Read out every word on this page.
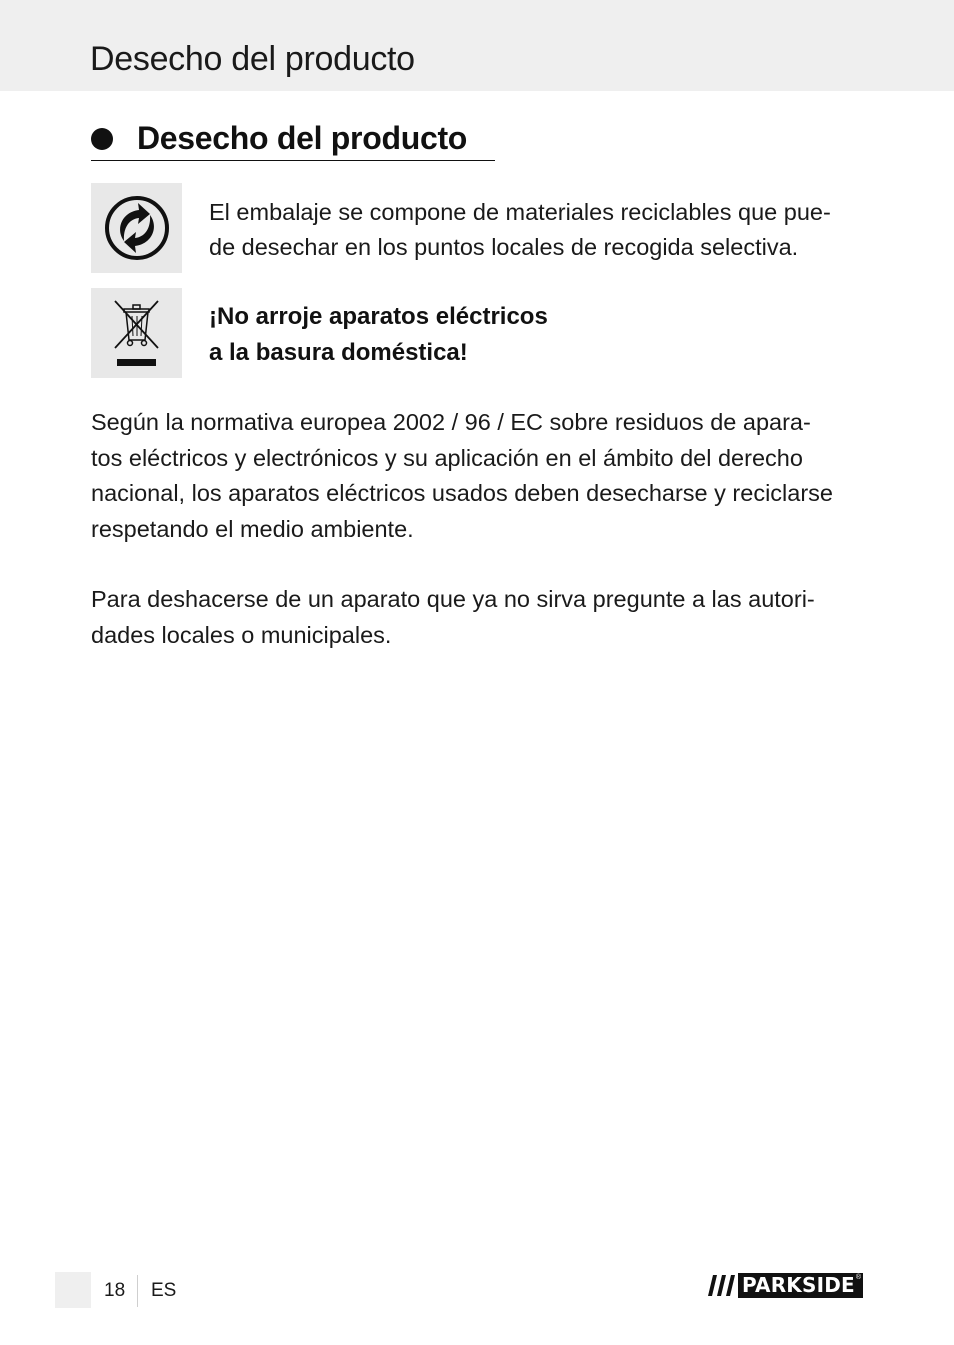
Desecho del producto
Desecho del producto
El embalaje se compone de materiales reciclables que pue-
de desechar en los puntos locales de recogida selectiva.
¡No arroje aparatos eléctricos
a la basura doméstica!
Según la normativa europea 2002 / 96 / EC sobre residuos de apara-
tos eléctricos y electrónicos y su aplicación en el ámbito del derecho
nacional, los aparatos eléctricos usados deben desecharse y reciclarse
respetando el medio ambiente.
Para deshacerse de un aparato que ya no sirva pregunte a las autori-
dades locales o municipales.
18 ES	PARKSIDE ®
